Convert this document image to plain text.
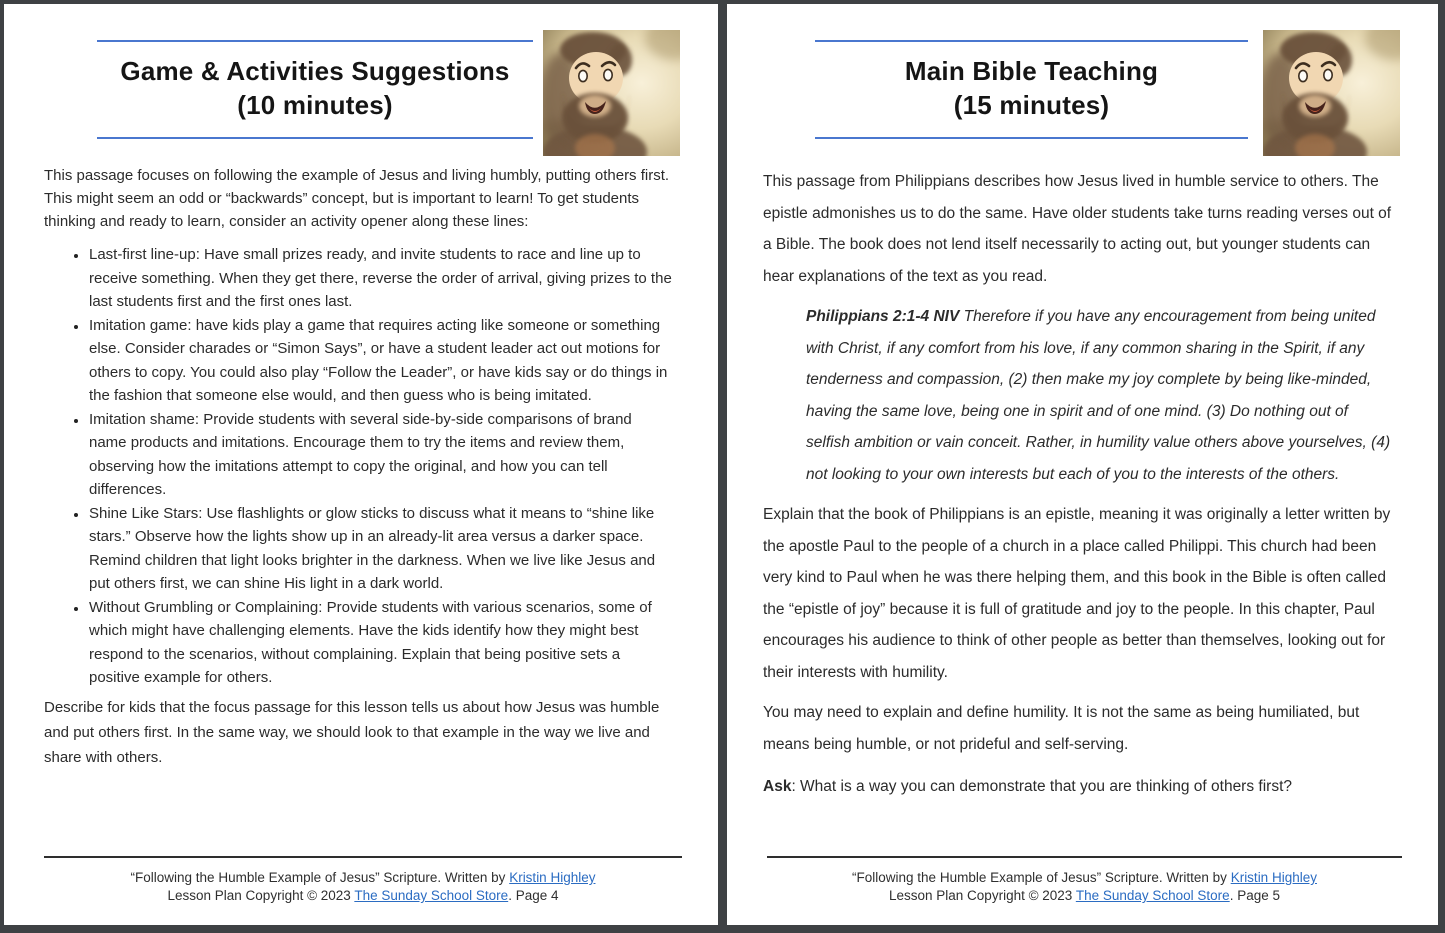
Game & Activities Suggestions
(10 minutes)

This passage focuses on following the example of Jesus and living humbly, putting others first. This might seem an odd or “backwards” concept, but is important to learn! To get students thinking and ready to learn, consider an activity opener along these lines:

• Last-first line-up: Have small prizes ready, and invite students to race and line up to receive something. When they get there, reverse the order of arrival, giving prizes to the last students first and the first ones last.
• Imitation game: have kids play a game that requires acting like someone or something else. Consider charades or “Simon Says”, or have a student leader act out motions for others to copy. You could also play “Follow the Leader”, or have kids say or do things in the fashion that someone else would, and then guess who is being imitated.
• Imitation shame: Provide students with several side-by-side comparisons of brand name products and imitations. Encourage them to try the items and review them, observing how the imitations attempt to copy the original, and how you can tell differences.
• Shine Like Stars: Use flashlights or glow sticks to discuss what it means to “shine like stars.” Observe how the lights show up in an already-lit area versus a darker space. Remind children that light looks brighter in the darkness. When we live like Jesus and put others first, we can shine His light in a dark world.
• Without Grumbling or Complaining: Provide students with various scenarios, some of which might have challenging elements. Have the kids identify how they might best respond to the scenarios, without complaining. Explain that being positive sets a positive example for others.

Describe for kids that the focus passage for this lesson tells us about how Jesus was humble and put others first. In the same way, we should look to that example in the way we live and share with others.

“Following the Humble Example of Jesus” Scripture. Written by Kristin Highley
Lesson Plan Copyright © 2023 The Sunday School Store. Page 4
Main Bible Teaching
(15 minutes)

This passage from Philippians describes how Jesus lived in humble service to others. The epistle admonishes us to do the same. Have older students take turns reading verses out of a Bible. The book does not lend itself necessarily to acting out, but younger students can hear explanations of the text as you read.

Philippians 2:1-4 NIV Therefore if you have any encouragement from being united with Christ, if any comfort from his love, if any common sharing in the Spirit, if any tenderness and compassion, (2) then make my joy complete by being like-minded, having the same love, being one in spirit and of one mind. (3) Do nothing out of selfish ambition or vain conceit. Rather, in humility value others above yourselves, (4) not looking to your own interests but each of you to the interests of the others.

Explain that the book of Philippians is an epistle, meaning it was originally a letter written by the apostle Paul to the people of a church in a place called Philippi. This church had been very kind to Paul when he was there helping them, and this book in the Bible is often called the “epistle of joy” because it is full of gratitude and joy to the people. In this chapter, Paul encourages his audience to think of other people as better than themselves, looking out for their interests with humility.

You may need to explain and define humility. It is not the same as being humiliated, but means being humble, or not prideful and self-serving.

Ask: What is a way you can demonstrate that you are thinking of others first?

“Following the Humble Example of Jesus” Scripture. Written by Kristin Highley
Lesson Plan Copyright © 2023 The Sunday School Store. Page 5
